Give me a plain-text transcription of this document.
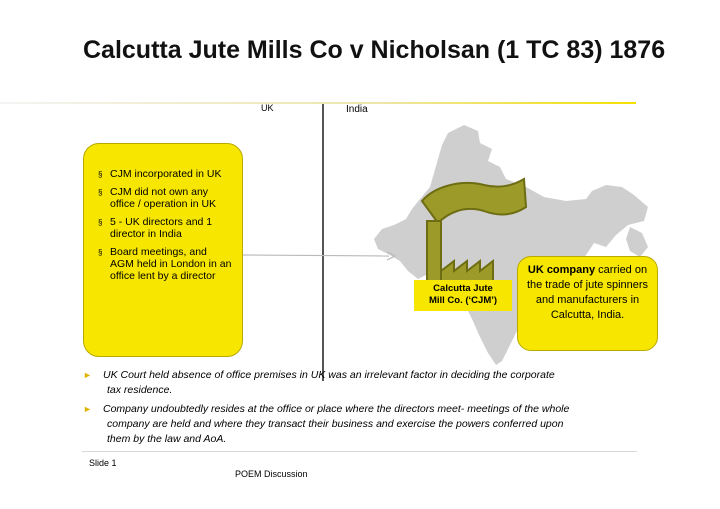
Calcutta Jute Mills Co v Nicholsan (1 TC 83) 1876
UK	India
§ CJM incorporated in UK
§ CJM did not own any office / operation in UK
§ 5 - UK directors and 1 director in India
§ Board meetings, and AGM held in London in an office lent by a director
Calcutta Jute
Mill Co. (‘CJM’)
UK company carried on the trade of jute spinners and manufacturers in Calcutta, India.
► UK Court held absence of office premises in UK was an irrelevant factor in deciding the corporate
tax residence.
► Company undoubtedly resides at the office or place where the directors meet- meetings of the whole
company are held and where they transact their business and exercise the powers conferred upon
them by the law and AoA.
Slide 1
POEM Discussion
